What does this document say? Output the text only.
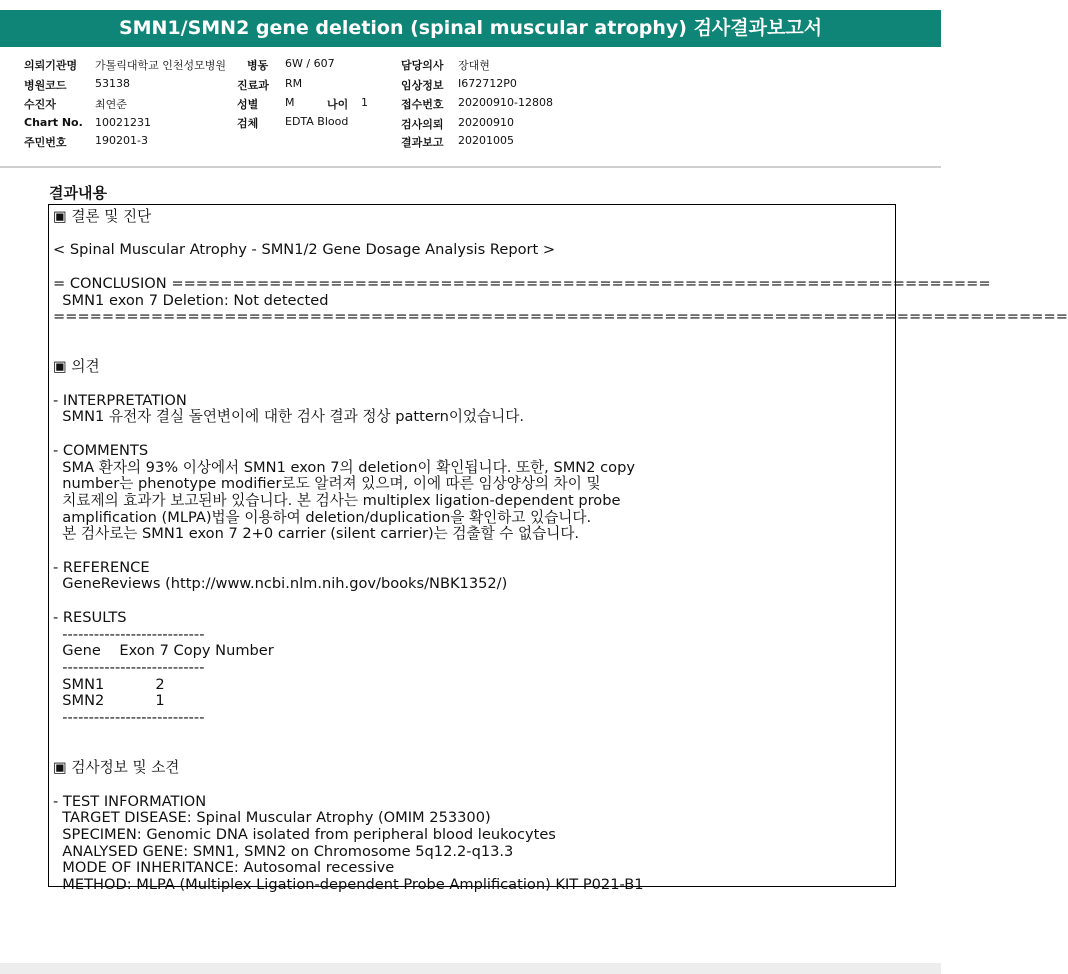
SMN1/SMN2 gene deletion (spinal muscular atrophy) 검사결과보고서
의뢰기관명 가톨릭대학교 인천성모병원
병원코드	53138
수진자	최연준
Chart No. 10021231
주민번호	190201-3
병동 6W / 607
진료과 RM
성별 M	나이 1
검체 EDTA Blood
담당의사 장대현
임상정보 I672712P0
접수번호 20200910-12808
검사의뢰 20200910
결과보고 20201005
결과내용
▣ 결론 및 진단

< Spinal Muscular Atrophy - SMN1/2 Gene Dosage Analysis Report >

= CONCLUSION ===================================================================
SMN1 exon 7 Deletion: Not detected
===================================================================================

▣ 의견

- INTERPRETATION
SMN1 유전자 결실 돌연변이에 대한 검사 결과 정상 pattern이었습니다.

- COMMENTS
SMA 환자의 93% 이상에서 SMN1 exon 7의 deletion이 확인됩니다. 또한, SMN2 copy
number는 phenotype modifier로도 알려져 있으며, 이에 따른 임상양상의 차이 및
치료제의 효과가 보고된바 있습니다. 본 검사는 multiplex ligation-dependent probe
amplification (MLPA)법을 이용하여 deletion/duplication을 확인하고 있습니다.
본 검사로는 SMN1 exon 7 2+0 carrier (silent carrier)는 검출할 수 없습니다.

- REFERENCE
GeneReviews (http://www.ncbi.nlm.nih.gov/books/NBK1352/)

- RESULTS
---------------------------
Gene    Exon 7 Copy Number
---------------------------
SMN1           2
SMN2           1
---------------------------

▣ 검사정보 및 소견

- TEST INFORMATION
TARGET DISEASE: Spinal Muscular Atrophy (OMIM 253300)
SPECIMEN: Genomic DNA isolated from peripheral blood leukocytes
ANALYSED GENE: SMN1, SMN2 on Chromosome 5q12.2-q13.3
MODE OF INHERITANCE: Autosomal recessive
METHOD: MLPA (Multiplex Ligation-dependent Probe Amplification) KIT P021-B1
